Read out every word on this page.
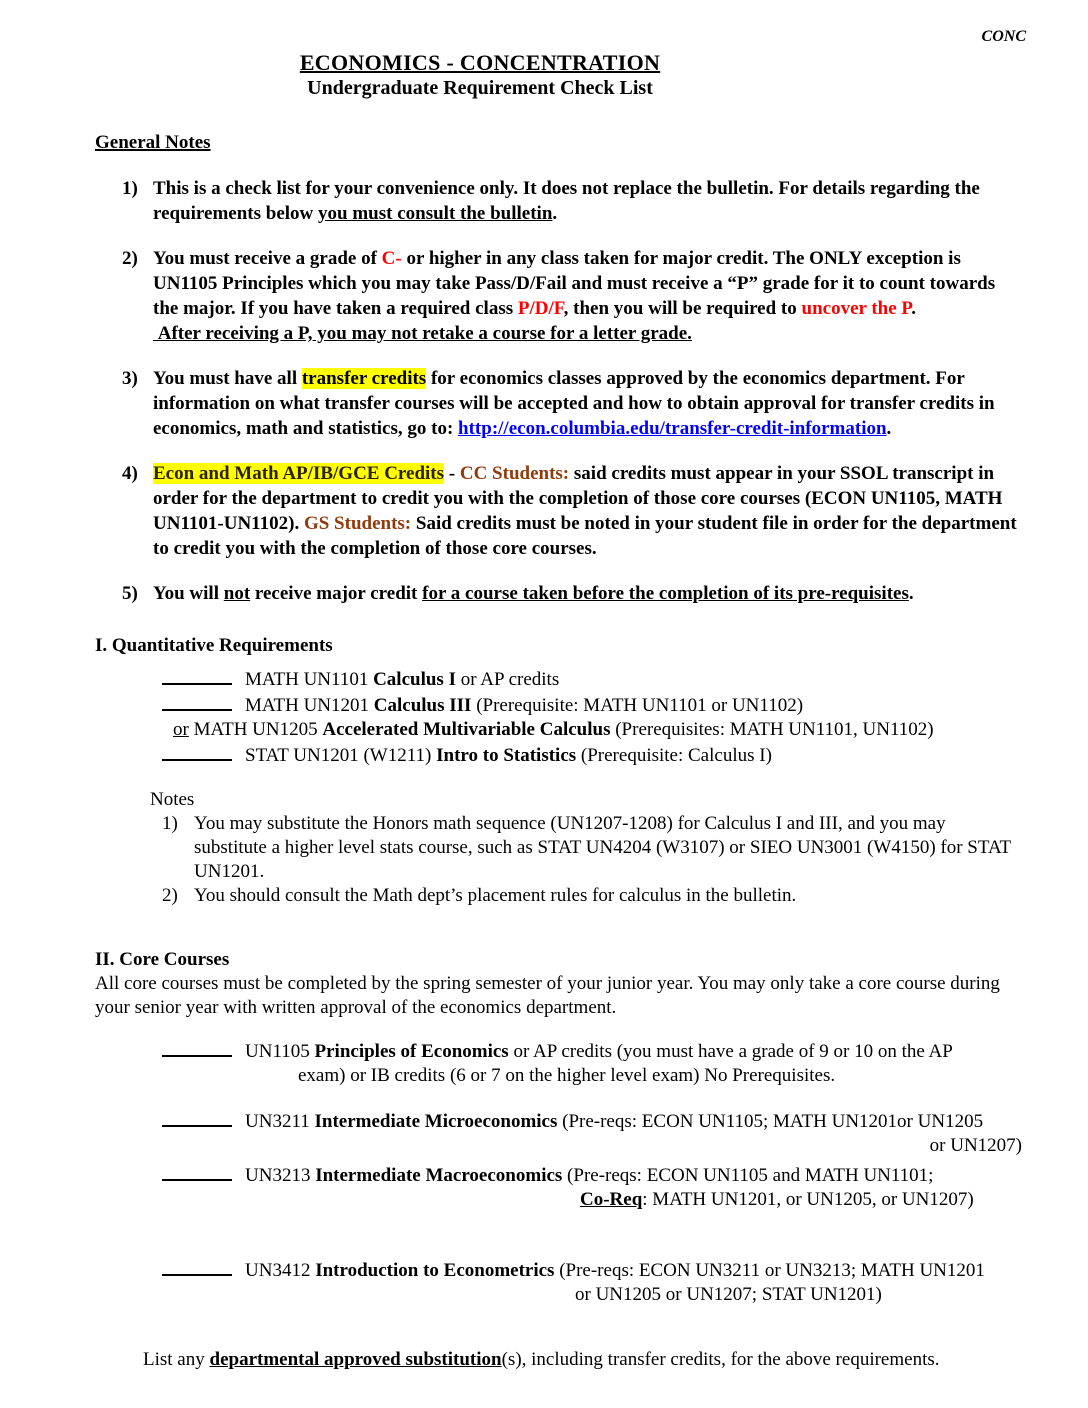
CONC
ECONOMICS - CONCENTRATION
Undergraduate Requirement Check List
General Notes
1) This is a check list for your convenience only. It does not replace the bulletin. For details regarding the requirements below you must consult the bulletin.
2) You must receive a grade of C- or higher in any class taken for major credit. The ONLY exception is UN1105 Principles which you may take Pass/D/Fail and must receive a “P” grade for it to count towards the major. If you have taken a required class P/D/F, then you will be required to uncover the P.
After receiving a P, you may not retake a course for a letter grade.
3) You must have all transfer credits for economics classes approved by the economics department. For information on what transfer courses will be accepted and how to obtain approval for transfer credits in economics, math and statistics, go to: http://econ.columbia.edu/transfer-credit-information.
4) Econ and Math AP/IB/GCE Credits - CC Students: said credits must appear in your SSOL transcript in order for the department to credit you with the completion of those core courses (ECON UN1105, MATH UN1101-UN1102). GS Students: Said credits must be noted in your student file in order for the department to credit you with the completion of those core courses.
5) You will not receive major credit for a course taken before the completion of its pre-requisites.
I. Quantitative Requirements
MATH UN1101 Calculus I or AP credits
MATH UN1201 Calculus III (Prerequisite: MATH UN1101 or UN1102)
or MATH UN1205 Accelerated Multivariable Calculus (Prerequisites: MATH UN1101, UN1102)
STAT UN1201 (W1211) Intro to Statistics (Prerequisite: Calculus I)
Notes
1) You may substitute the Honors math sequence (UN1207-1208) for Calculus I and III, and you may substitute a higher level stats course, such as STAT UN4204 (W3107) or SIEO UN3001 (W4150) for STAT UN1201.
2) You should consult the Math dept’s placement rules for calculus in the bulletin.
II. Core Courses
All core courses must be completed by the spring semester of your junior year. You may only take a core course during your senior year with written approval of the economics department.
UN1105 Principles of Economics or AP credits (you must have a grade of 9 or 10 on the AP
exam) or IB credits (6 or 7 on the higher level exam) No Prerequisites.
UN3211 Intermediate Microeconomics (Pre-reqs: ECON UN1105; MATH UN1201or UN1205
or UN1207)
UN3213 Intermediate Macroeconomics (Pre-reqs: ECON UN1105 and MATH UN1101;
Co-Req: MATH UN1201, or UN1205, or UN1207)
UN3412 Introduction to Econometrics (Pre-reqs: ECON UN3211 or UN3213; MATH UN1201
or UN1205 or UN1207; STAT UN1201)
List any departmental approved substitution(s), including transfer credits, for the above requirements.
